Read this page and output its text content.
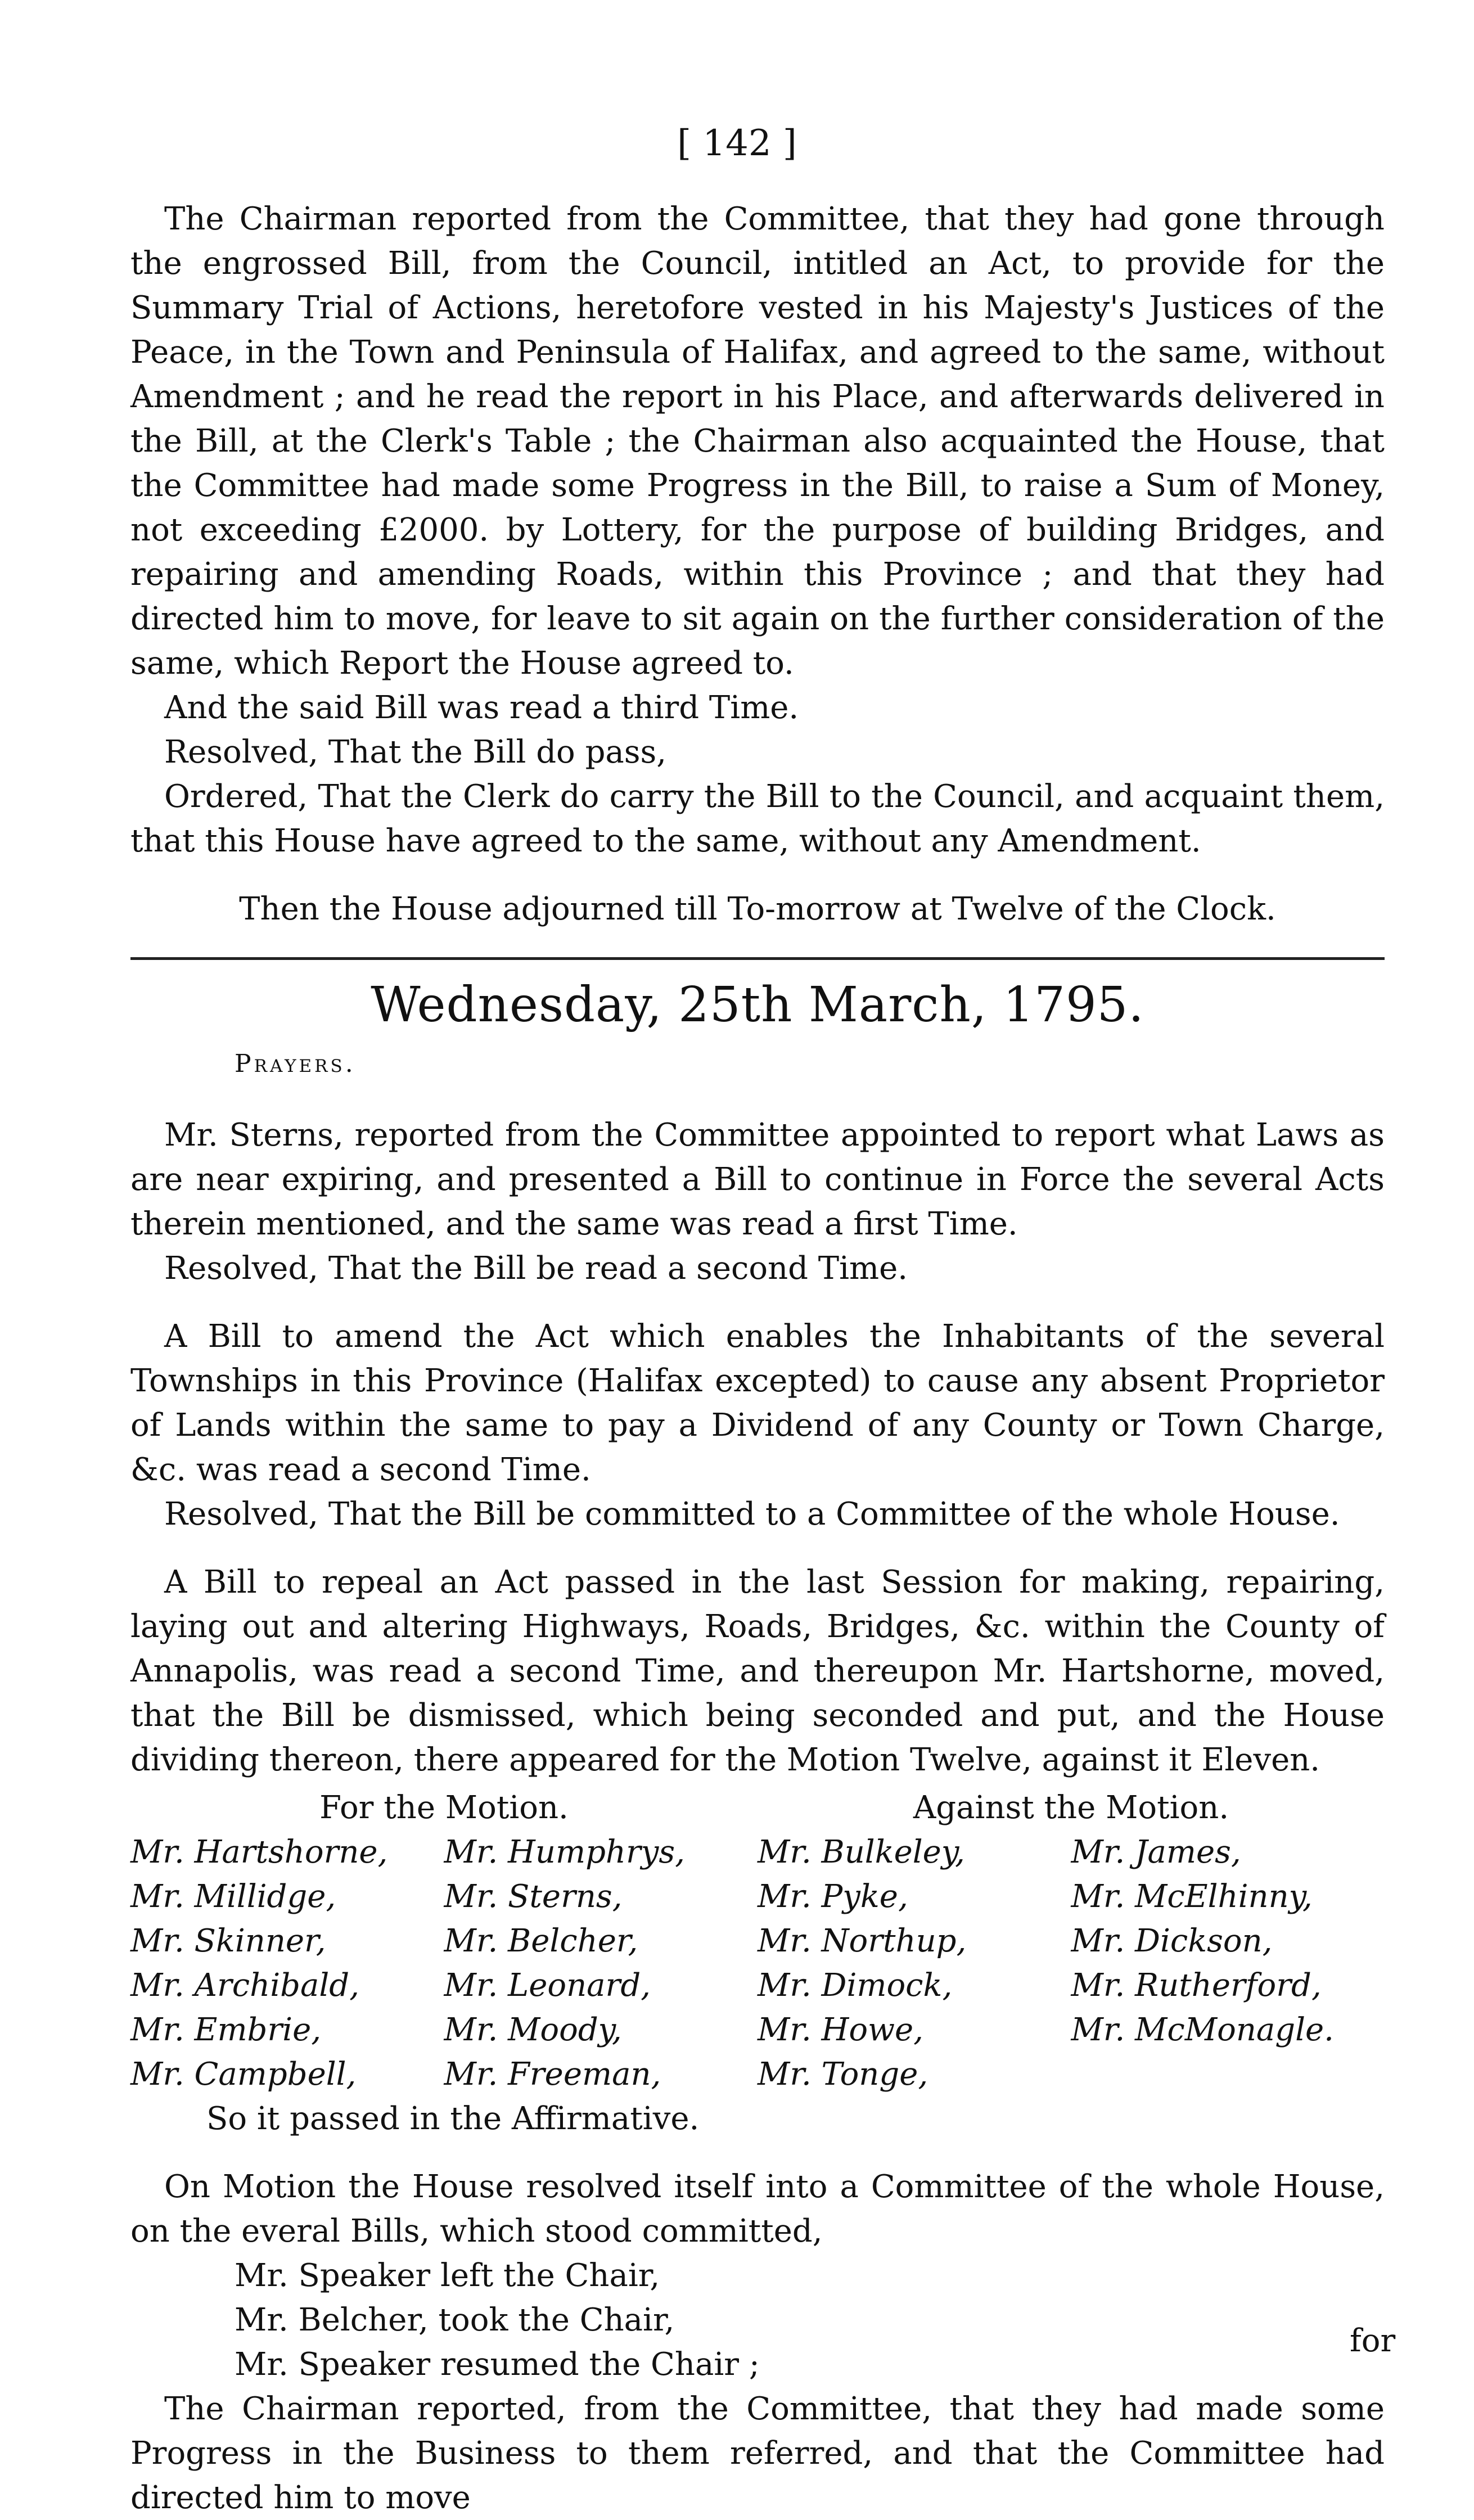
[ 142 ]

The Chairman reported from the Committee, that they had gone through the engrossed Bill, from the Council, intitled an Act, to provide for the Summary Trial of Actions, heretofore vested in his Majesty's Justices of the Peace, in the Town and Peninsula of Halifax, and agreed to the same, without Amendment ; and he read the report in his Place, and afterwards delivered in the Bill, at the Clerk's Table ; the Chairman also acquainted the House, that the Committee had made some Progress in the Bill, to raise a Sum of Money, not exceeding £2000. by Lottery, for the purpose of building Bridges, and repairing and amending Roads, within this Province ; and that they had directed him to move, for leave to sit again on the further consideration of the same, which Report the House agreed to.

And the said Bill was read a third Time.

Resolved, That the Bill do pass,

Ordered, That the Clerk do carry the Bill to the Council, and acquaint them, that this House have agreed to the same, without any Amendment.

Then the House adjourned till To-morrow at Twelve of the Clock.

Wednesday, 25th March, 1795.
Prayers.

Mr. Sterns, reported from the Committee appointed to report what Laws as are near expiring, and presented a Bill to continue in Force the several Acts therein mentioned, and the same was read a first Time.

Resolved, That the Bill be read a second Time.

A Bill to amend the Act which enables the Inhabitants of the several Townships in this Province (Halifax excepted) to cause any absent Proprietor of Lands within the same to pay a Dividend of any County or Town Charge, &c. was read a second Time.

Resolved, That the Bill be committed to a Committee of the whole House.

A Bill to repeal an Act passed in the last Session for making, repairing, laying out and altering Highways, Roads, Bridges, &c. within the County of Annapolis, was read a second Time, and thereupon Mr. Hartshorne, moved, that the Bill be dismissed, which being seconded and put, and the House dividing thereon, there appeared for the Motion Twelve, against it Eleven.

For the Motion.
Mr. Hartshorne,
Mr. Millidge,
Mr. Skinner,
Mr. Archibald,
Mr. Embrie,
Mr. Campbell,
Mr. Humphrys,
Mr. Sterns,
Mr. Belcher,
Mr. Leonard,
Mr. Moody,
Mr. Freeman,
Against the Motion.
Mr. Bulkeley,
Mr. Pyke,
Mr. Northup,
Mr. Dimock,
Mr. Howe,
Mr. Tonge,
Mr. James,
Mr. McElhinny,
Mr. Dickson,
Mr. Rutherford,
Mr. McMonagle.

So it passed in the Affirmative.

On Motion the House resolved itself into a Committee of the whole House, on the everal Bills, which stood committed,

Mr. Speaker left the Chair,

Mr. Belcher, took the Chair,

Mr. Speaker resumed the Chair ;

The Chairman reported, from the Committee, that they had made some Progress in the Business to them referred, and that the Committee had directed him to move

for
